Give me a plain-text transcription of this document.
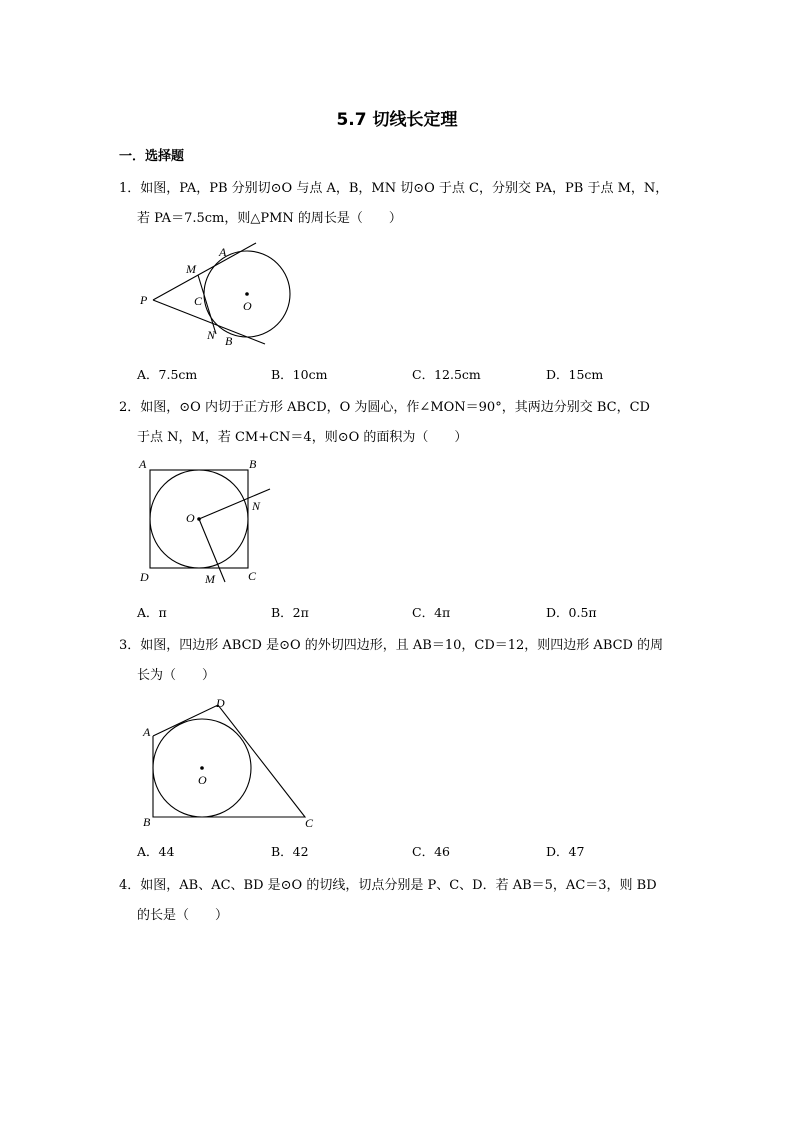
5.7 切线长定理
一．选择题
1．如图，PA，PB 分别切⊙O 与点 A，B，MN 切⊙O 于点 C，分别交 PA，PB 于点 M，N，
若 PA＝7.5cm，则△PMN 的周长是（　　）
P
A
M
C	O
N B
A．7.5cm	B．10cm	C．12.5cm	D．15cm
2．如图，⊙O 内切于正方形 ABCD，O 为圆心，作∠MON＝90°，其两边分别交 BC，CD
于点 N，M，若 CM+CN＝4，则⊙O 的面积为（　　）
A	B
D	C
O
N
M
A．π	B．2π	C．4π	D．0.5π
3．如图，四边形 ABCD 是⊙O 的外切四边形，且 AB＝10，CD＝12，则四边形 ABCD 的周
长为（　　）
A
D
B	C
O
A．44	B．42	C．46	D．47
4．如图，AB、AC、BD 是⊙O 的切线，切点分别是 P、C、D．若 AB＝5，AC＝3，则 BD
的长是（　　）
